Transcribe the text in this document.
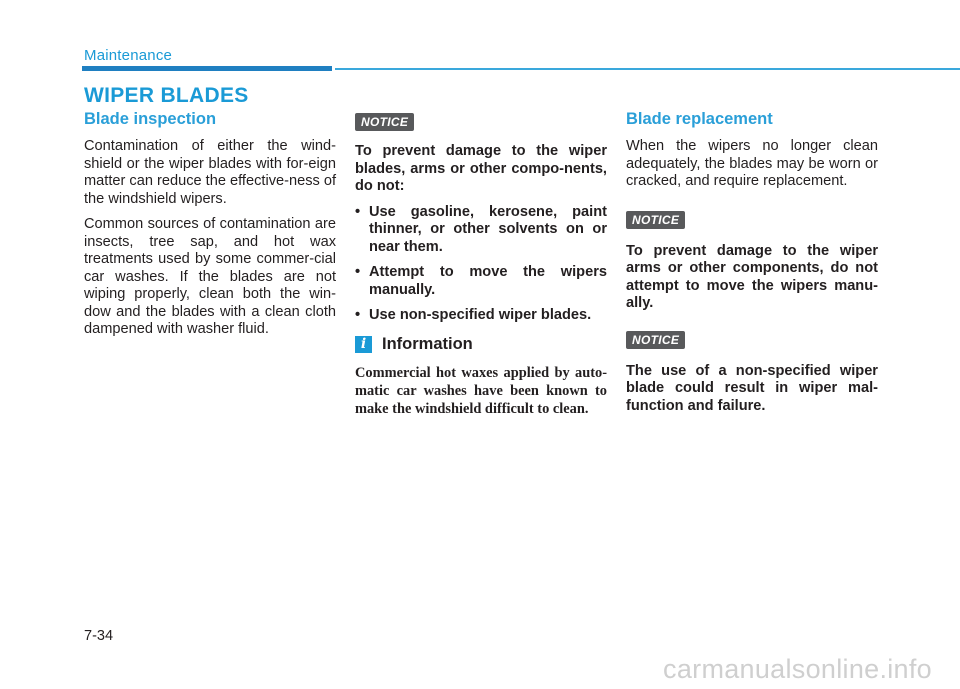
Maintenance
WIPER BLADES
Blade inspection

Contamination of either the wind-shield or the wiper blades with for-eign matter can reduce the effective-ness of the windshield wipers.

Common sources of contamination are insects, tree sap, and hot wax treatments used by some commer-cial car washes. If the blades are not wiping properly, clean both the win-dow and the blades with a clean cloth dampened with washer fluid.

NOTICE

To prevent damage to the wiper blades, arms or other compo-nents, do not:

• Use gasoline, kerosene, paint thinner, or other solvents on or near them.
• Attempt to move the wipers manually.
• Use non-specified wiper blades.
i Information

Commercial hot waxes applied by auto-matic car washes have been known to make the windshield difficult to clean.

Blade replacement

When the wipers no longer clean adequately, the blades may be worn or cracked, and require replacement.

NOTICE

To prevent damage to the wiper arms or other components, do not attempt to move the wipers manu-ally.

NOTICE

The use of a non-specified wiper blade could result in wiper mal-function and failure.

7-34
carmanualsonline.info
